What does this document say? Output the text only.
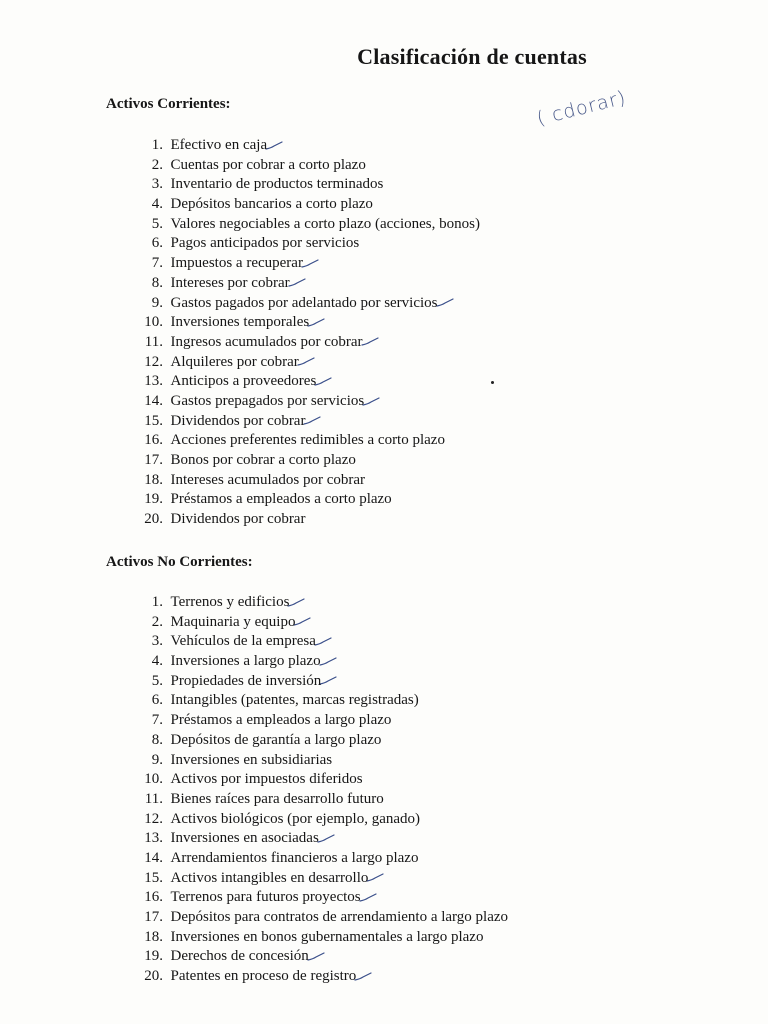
Clasificación de cuentas
( cdorar)
Activos Corrientes:
1. Efectivo en caja
2. Cuentas por cobrar a corto plazo
3. Inventario de productos terminados
4. Depósitos bancarios a corto plazo
5. Valores negociables a corto plazo (acciones, bonos)
6. Pagos anticipados por servicios
7. Impuestos a recuperar
8. Intereses por cobrar
9. Gastos pagados por adelantado por servicios
10. Inversiones temporales
11. Ingresos acumulados por cobrar
12. Alquileres por cobrar
13. Anticipos a proveedores
14. Gastos prepagados por servicios
15. Dividendos por cobrar
16. Acciones preferentes redimibles a corto plazo
17. Bonos por cobrar a corto plazo
18. Intereses acumulados por cobrar
19. Préstamos a empleados a corto plazo
20. Dividendos por cobrar
Activos No Corrientes:
1. Terrenos y edificios
2. Maquinaria y equipo
3. Vehículos de la empresa
4. Inversiones a largo plazo
5. Propiedades de inversión
6. Intangibles (patentes, marcas registradas)
7. Préstamos a empleados a largo plazo
8. Depósitos de garantía a largo plazo
9. Inversiones en subsidiarias
10. Activos por impuestos diferidos
11. Bienes raíces para desarrollo futuro
12. Activos biológicos (por ejemplo, ganado)
13. Inversiones en asociadas
14. Arrendamientos financieros a largo plazo
15. Activos intangibles en desarrollo
16. Terrenos para futuros proyectos
17. Depósitos para contratos de arrendamiento a largo plazo
18. Inversiones en bonos gubernamentales a largo plazo
19. Derechos de concesión
20. Patentes en proceso de registro
